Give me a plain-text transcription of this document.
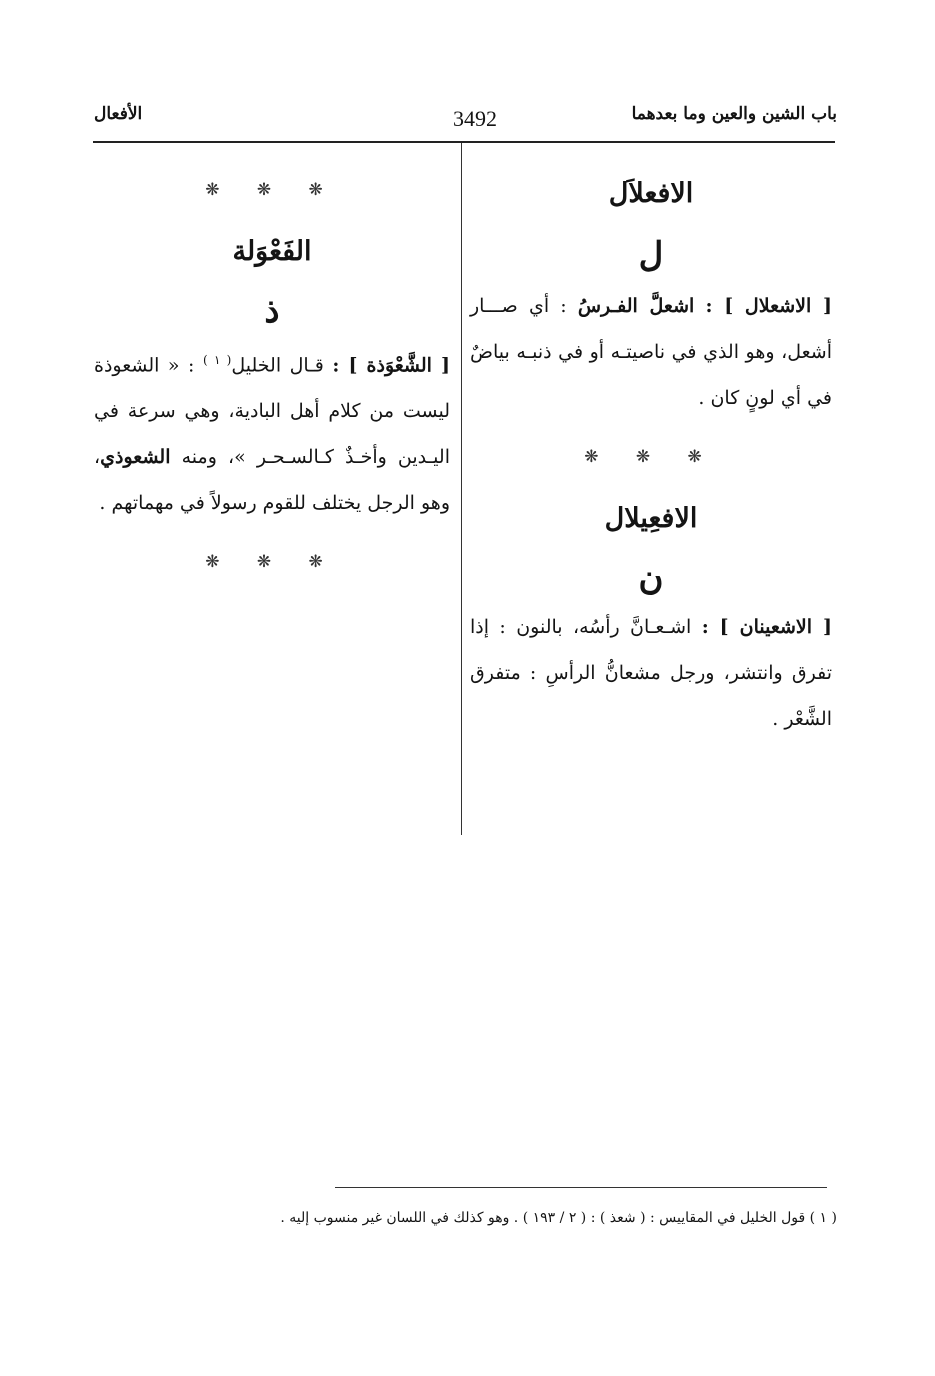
باب الشين والعين وما بعدهما
3492
الأفعال
الافعلاَل
ل
[ الاشعلال ] : اشعلَّ الفـرسُ : أي صـــار أشعل، وهو الذي في ناصيتـه أو في ذنبـه بياضٌ في أي لونٍ كان .
❋ ❋ ❋
الافعِيلال
ن
[ الاشعينان ] : اشـعـانَّ رأسُه، بالنون : إذا تفرق وانتشر، ورجل مشعانُّ الرأسِ : متفرق الشَّعْر .
❋ ❋ ❋
الفَعْوَلة
ذ
[ الشَّعْوَذة ] : قـال الخليل$^{( ١ )}$ : « الشعوذة ليست من كلام أهل البادية، وهي سرعة في اليـدين وأخـذٌ كـالسـحـر »، ومنه الشعوذي، وهو الرجل يختلف للقوم رسولاً في مهماتهم .
❋ ❋ ❋
( ١ ) قول الخليل في المقاييس : ( شعذ ) : ( ٢ / ١٩٣ ) . وهو كذلك في اللسان غير منسوب إليه .
